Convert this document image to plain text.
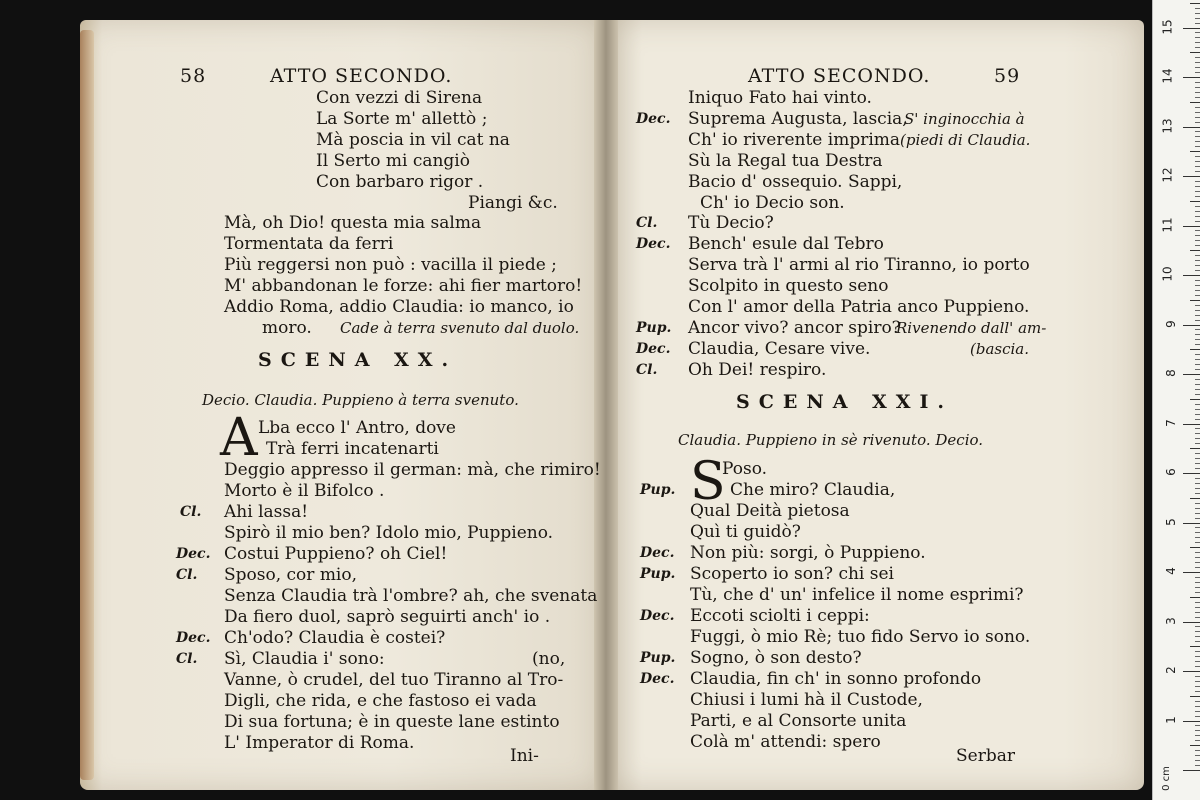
58	ATTO SECONDO.
Con vezzi di Sirena
La Sorte m' allettò ;
Mà poscia in vil cat na
Il Serto mi cangiò
Con barbaro rigor .
Piangi &c.
Mà, oh Dio! questa mia salma
Tormentata da ferri
Più reggersi non può : vacilla il piede ;
M' abbandonan le forze: ahi fier martoro!
Addio Roma, addio Claudia: io manco, io
moro. Cade à terra svenuto dal duolo.
SCENA XX.
Decio. Claudia. Puppieno à terra svenuto.
A Lba ecco l' Antro, dove
Trà ferri incatenarti
Deggio appresso il german: mà, che rimiro!
Morto è il Bifolco .
Cl. Ahi lassa!
Spirò il mio ben? Idolo mio, Puppieno.
Dec. Costui Puppieno? oh Ciel!
Cl. Sposo, cor mio,
Senza Claudia trà l'ombre? ah, che svenata
Da fiero duol, saprò seguirti anch' io .
Dec. Ch'odo? Claudia è costei?
Cl. Sì, Claudia i' sono:	(no,
Vanne, ò crudel, del tuo Tiranno al Tro-
Digli, che rida, e che fastoso ei vada
Di sua fortuna; è in queste lane estinto
L' Imperator di Roma.
Ini-
ATTO SECONDO.	59
Iniquo Fato hai vinto.
Dec. Suprema Augusta, lascia,
S' inginocchia à
Ch' io riverente imprima (piedi di Claudia.
Sù la Regal tua Destra
Bacio d' ossequio. Sappi,
Ch' io Decio son.
Cl. Tù Decio?
Dec. Bench' esule dal Tebro
Serva trà l' armi al rio Tiranno, io porto
Scolpito in questo seno
Con l' amor della Patria anco Puppieno.
Pup. Ancor vivo? ancor spiro?
Rivenendo dall' am-
Dec. Claudia, Cesare vive.	(bascia.
Cl. Oh Dei! respiro.
SCENA XXI.
Claudia. Puppieno in sè rivenuto. Decio.
S
Poso.
Pup.	Che miro? Claudia,
Qual Deità pietosa
Quì ti guidò?
Dec. Non più: sorgi, ò Puppieno.
Pup. Scoperto io son? chi sei
Tù, che d' un' infelice il nome esprimi?
Dec. Eccoti sciolti i ceppi:
Fuggi, ò mio Rè; tuo fido Servo io sono.
Pup. Sogno, ò son desto?
Dec. Claudia, fin ch' in sonno profondo
Chiusi i lumi hà il Custode,
Parti, e al Consorte unita
Colà m' attendi: spero
Serbar
1
2
3
4
5
6
7
8
9
10
11
12
13
14
15
0 cm
